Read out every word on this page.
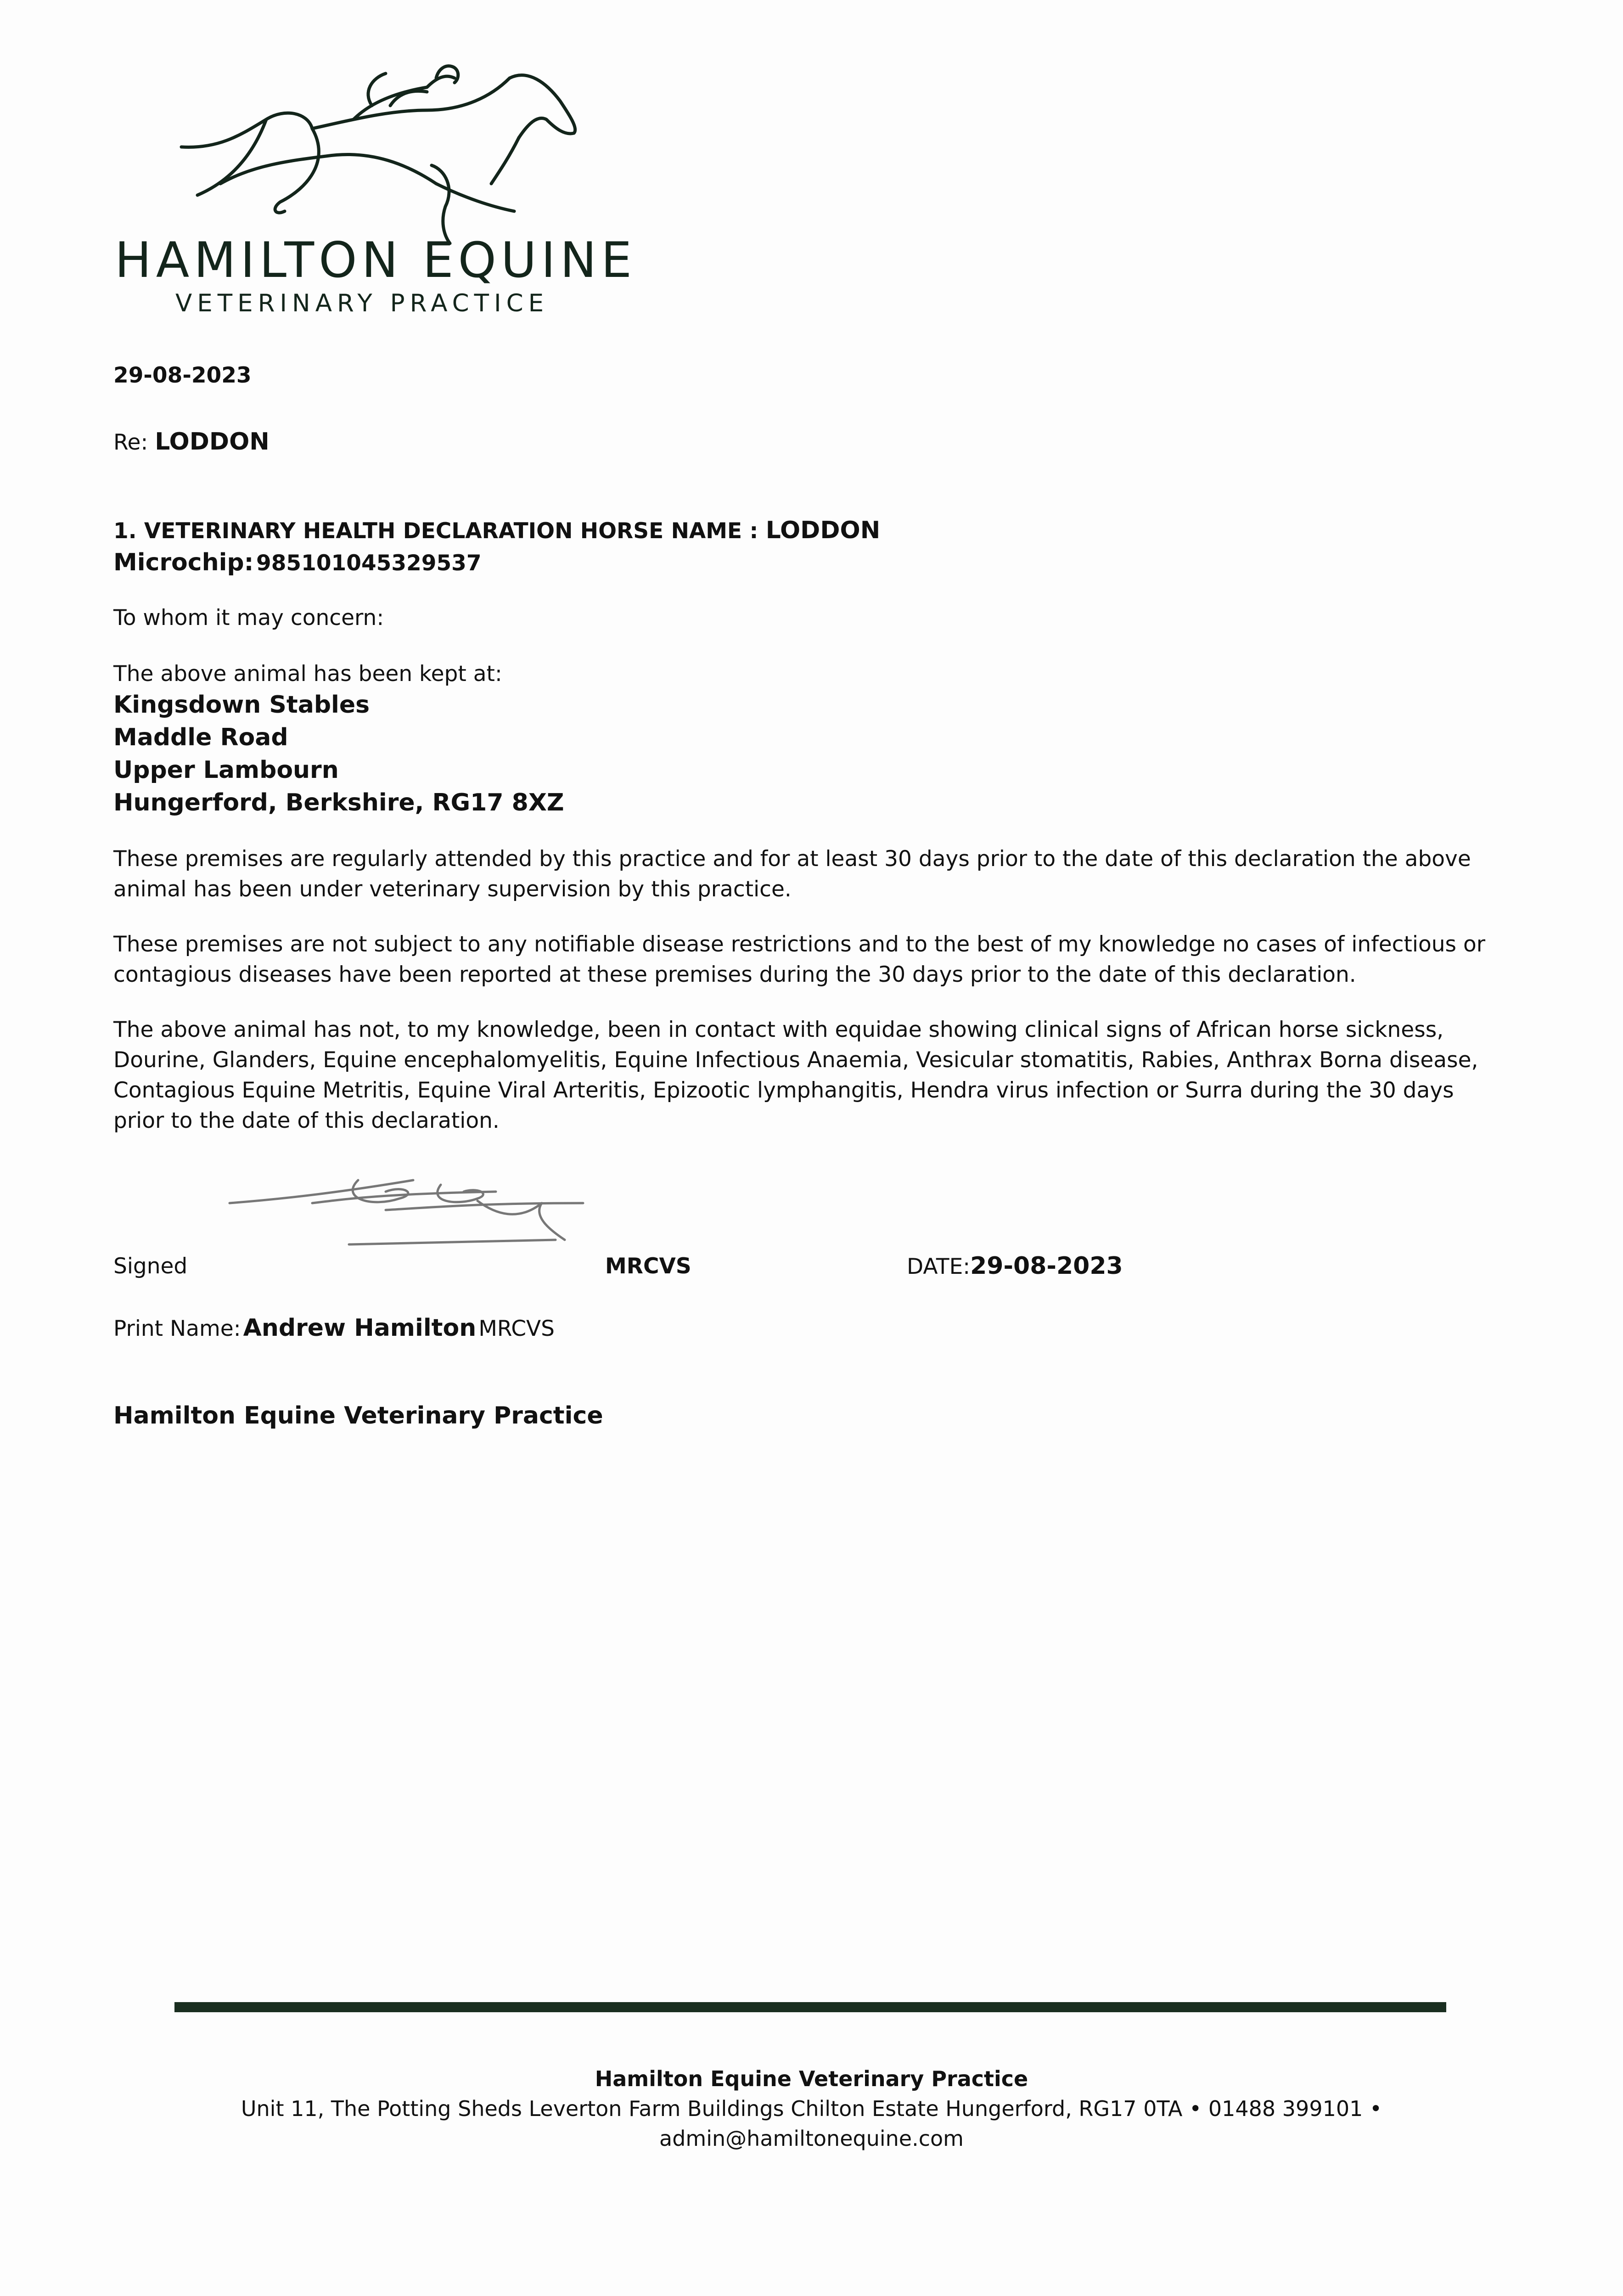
HAMILTON EQUINE
VETERINARY PRACTICE
29-08-2023
Re: LODDON
1. VETERINARY HEALTH DECLARATION HORSE NAME : LODDON
Microchip: 985101045329537
To whom it may concern:
The above animal has been kept at:
Kingsdown Stables
Maddle Road
Upper Lambourn
Hungerford, Berkshire, RG17 8XZ
These premises are regularly attended by this practice and for at least 30 days prior to the date of this declaration the above animal has been under veterinary supervision by this practice.
These premises are not subject to any notifiable disease restrictions and to the best of my knowledge no cases of infectious or contagious diseases have been reported at these premises during the 30 days prior to the date of this declaration.
The above animal has not, to my knowledge, been in contact with equidae showing clinical signs of African horse sickness, Dourine, Glanders, Equine encephalomyelitis, Equine Infectious Anaemia, Vesicular stomatitis, Rabies, Anthrax Borna disease, Contagious Equine Metritis, Equine Viral Arteritis, Epizootic lymphangitis, Hendra virus infection or Surra during the 30 days prior to the date of this declaration.
Signed	MRCVS	DATE:29-08-2023
Print Name: Andrew Hamilton MRCVS
Hamilton Equine Veterinary Practice
Hamilton Equine Veterinary Practice
Unit 11, The Potting Sheds Leverton Farm Buildings Chilton Estate Hungerford, RG17 0TA • 01488 399101 •
admin@hamiltonequine.com
